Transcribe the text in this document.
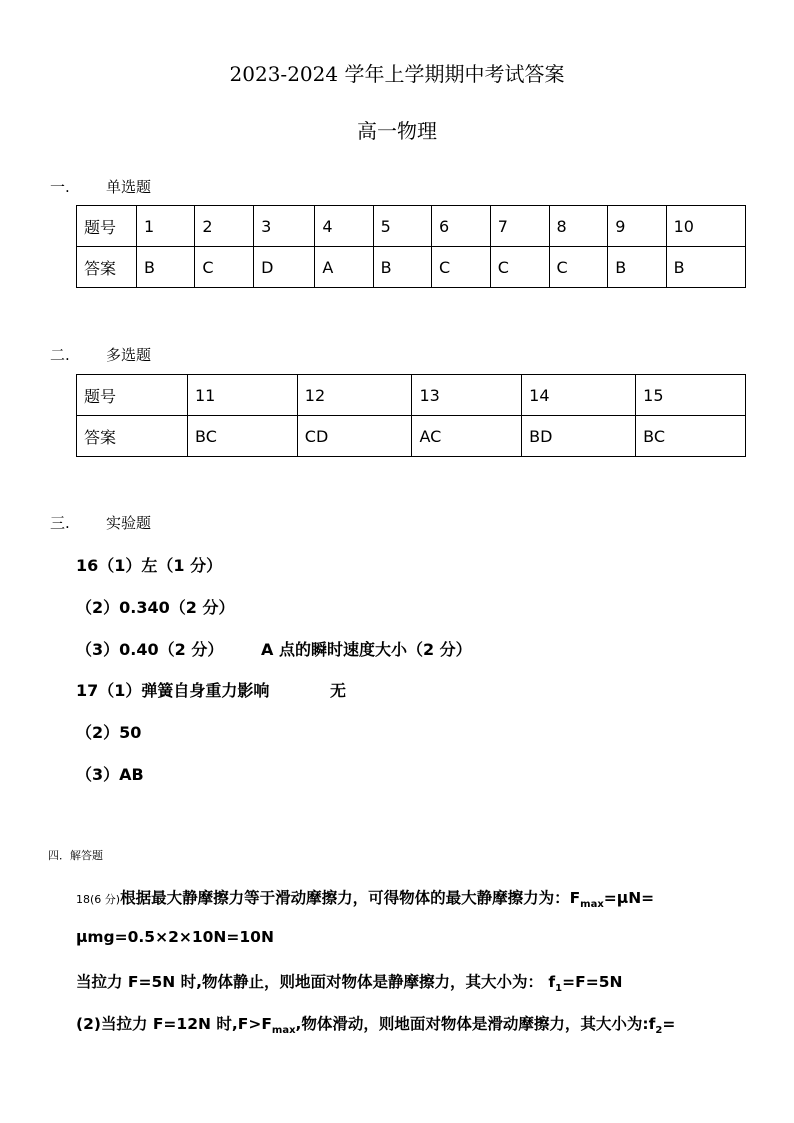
2023-2024 学年上学期期中考试答案
高一物理
一. 单选题
题号	1	2	3	4	5	6	7	8	9	10
答案	B	C	D	A	B	C	C	C	B	B
二. 多选题
题号	11	12	13	14	15
答案	BC	CD	AC	BD	BC
三. 实验题
16（1）左（1 分）
（2）0.340（2 分）
（3）0.40（2 分） A 点的瞬时速度大小（2 分）
17（1）弹簧自身重力影响	无
（2）50
（3）AB
四．解答题
18(6 分)根据最大静摩擦力等于滑动摩擦力，可得物体的最大静摩擦力为：$F_{max}=\mu N=$
μmg=0.5×2×10N=10N
当拉力 F=5N 时,物体静止，则地面对物体是静摩擦力，其大小为： $f_1=F=5N$
(2)当拉力 F=12N 时$,F>F_{max}$,物体滑动，则地面对物体是滑动摩擦力，其大小为$:f_2=$
